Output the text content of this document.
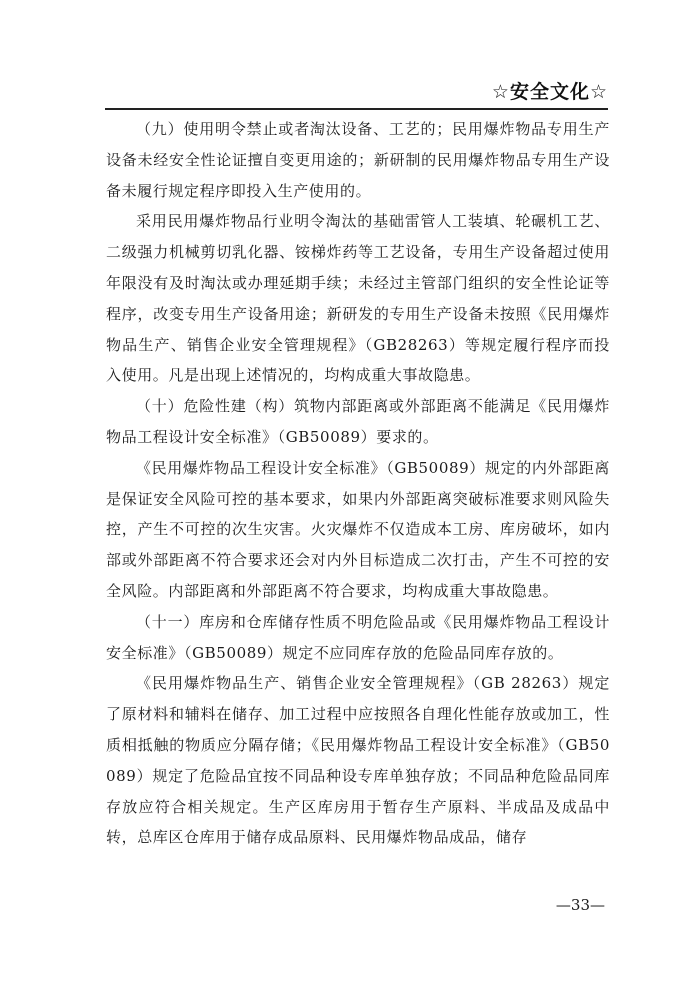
☆安全文化☆

（九）使用明令禁止或者淘汰设备、工艺的；民用爆炸物品专用生产设备未经安全性论证擅自变更用途的；新研制的民用爆炸物品专用生产设备未履行规定程序即投入生产使用的。

采用民用爆炸物品行业明令淘汰的基础雷管人工装填、轮碾机工艺、二级强力机械剪切乳化器、铵梯炸药等工艺设备，专用生产设备超过使用年限没有及时淘汰或办理延期手续；未经过主管部门组织的安全性论证等程序，改变专用生产设备用途；新研发的专用生产设备未按照《民用爆炸物品生产、销售企业安全管理规程》（GB28263）等规定履行程序而投入使用。凡是出现上述情况的，均构成重大事故隐患。

（十）危险性建（构）筑物内部距离或外部距离不能满足《民用爆炸物品工程设计安全标准》（GB50089）要求的。

《民用爆炸物品工程设计安全标准》（GB50089）规定的内外部距离是保证安全风险可控的基本要求，如果内外部距离突破标准要求则风险失控，产生不可控的次生灾害。火灾爆炸不仅造成本工房、库房破坏，如内部或外部距离不符合要求还会对内外目标造成二次打击，产生不可控的安全风险。内部距离和外部距离不符合要求，均构成重大事故隐患。

（十一）库房和仓库储存性质不明危险品或《民用爆炸物品工程设计安全标准》（GB50089）规定不应同库存放的危险品同库存放的。

《民用爆炸物品生产、销售企业安全管理规程》（GB 28263）规定了原材料和辅料在储存、加工过程中应按照各自理化性能存放或加工，性质相抵触的物质应分隔存储；《民用爆炸物品工程设计安全标准》（GB50089）规定了危险品宜按不同品种设专库单独存放；不同品种危险品同库存放应符合相关规定。生产区库房用于暂存生产原料、半成品及成品中转，总库区仓库用于储存成品原料、民用爆炸物品成品，储存

—33—
